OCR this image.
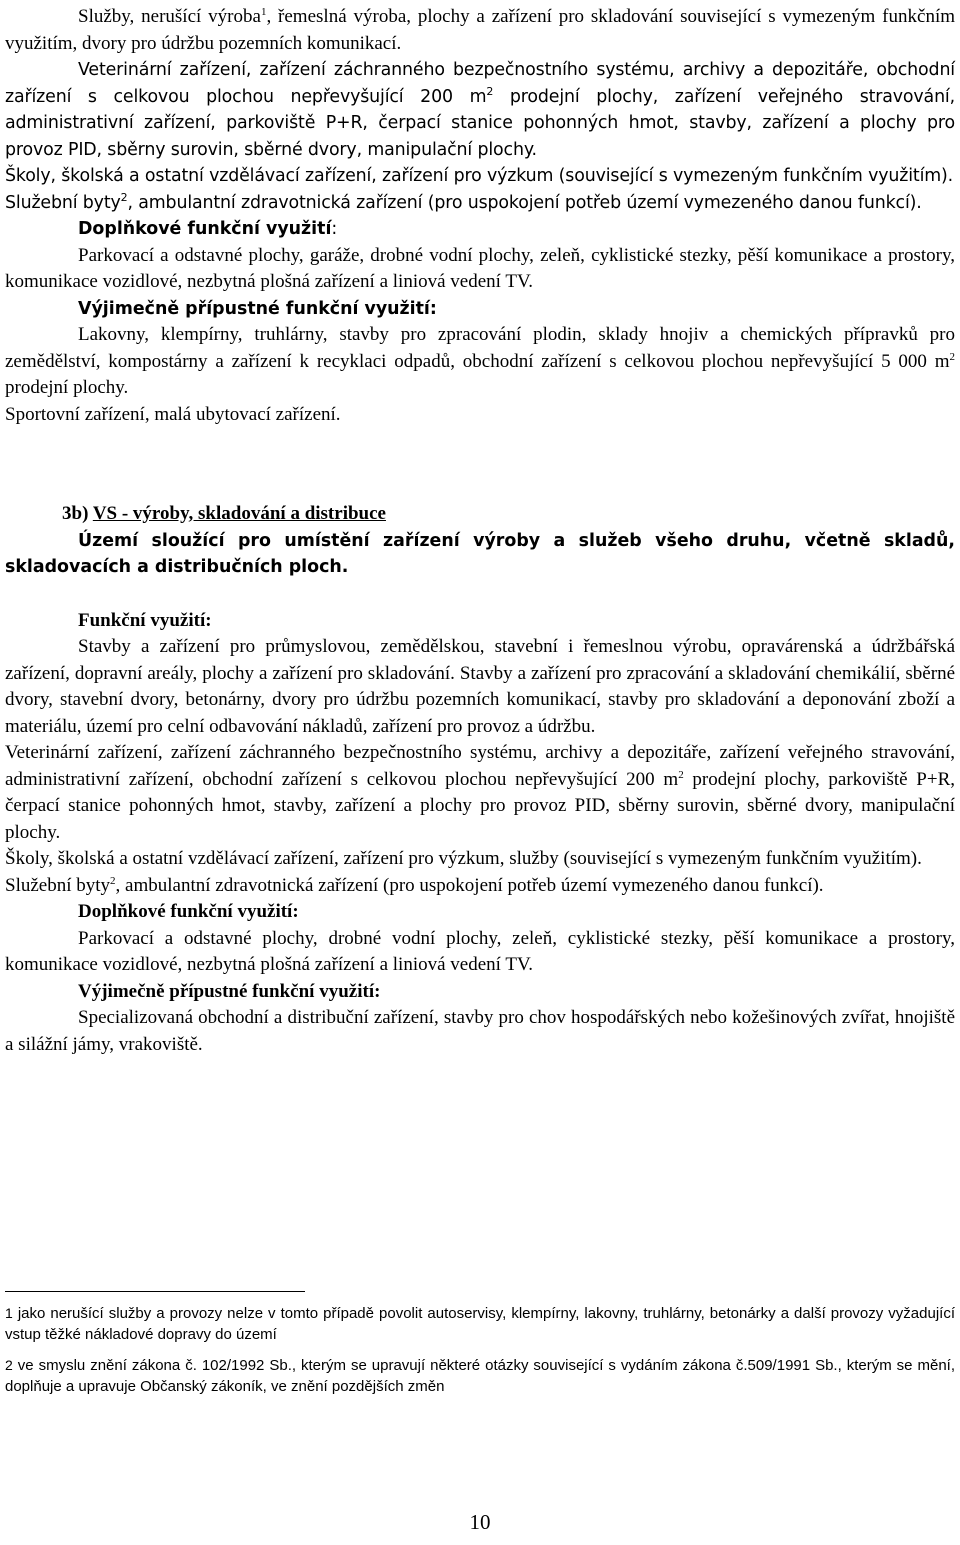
Služby, nerušící výroba$^1$, řemeslná výroba, plochy a zařízení pro skladování související s vymezeným funkčním využitím, dvory pro údržbu pozemních komunikací.

Veterinární zařízení, zařízení záchranného bezpečnostního systému, archivy a depozitáře, obchodní zařízení s celkovou plochou nepřevyšující 200 $m^2$ prodejní plochy, zařízení veřejného stravování, administrativní zařízení, parkoviště P+R, čerpací stanice pohonných hmot, stavby, zařízení a plochy pro provoz PID, sběrny surovin, sběrné dvory, manipulační plochy.

Školy, školská a ostatní vzdělávací zařízení, zařízení pro výzkum (související s vymezeným funkčním využitím).

Služební byty$^2$, ambulantní zdravotnická zařízení (pro uspokojení potřeb území vymezeného danou funkcí).

Doplňkové funkční využití:

Parkovací a odstavné plochy, garáže, drobné vodní plochy, zeleň, cyklistické stezky, pěší komunikace a prostory, komunikace vozidlové, nezbytná plošná zařízení a liniová vedení TV.

Výjimečně přípustné funkční využití:

Lakovny, klempírny, truhlárny, stavby pro zpracování plodin, sklady hnojiv a chemických přípravků pro zemědělství, kompostárny a zařízení k recyklaci odpadů, obchodní zařízení s celkovou plochou nepřevyšující 5 000 $m^2$ prodejní plochy.

Sportovní zařízení, malá ubytovací zařízení.

3b) VS - výroby, skladování a distribuce

Území sloužící pro umístění zařízení výroby a služeb všeho druhu, včetně skladů, skladovacích a distribučních ploch.

Funkční využití:

Stavby a zařízení pro průmyslovou, zemědělskou, stavební i řemeslnou výrobu, opravárenská a údržbářská zařízení, dopravní areály, plochy a zařízení pro skladování. Stavby a zařízení pro zpracování a skladování chemikálií, sběrné dvory, stavební dvory, betonárny, dvory pro údržbu pozemních komunikací, stavby pro skladování a deponování zboží a materiálu, území pro celní odbavování nákladů, zařízení pro provoz a údržbu.

Veterinární zařízení, zařízení záchranného bezpečnostního systému, archivy a depozitáře, zařízení veřejného stravování, administrativní zařízení, obchodní zařízení s celkovou plochou nepřevyšující 200 $m^2$ prodejní plochy, parkoviště P+R, čerpací stanice pohonných hmot, stavby, zařízení a plochy pro provoz PID, sběrny surovin, sběrné dvory, manipulační plochy.

Školy, školská a ostatní vzdělávací zařízení, zařízení pro výzkum, služby (související s vymezeným funkčním využitím).

Služební byty$^2$, ambulantní zdravotnická zařízení (pro uspokojení potřeb území vymezeného danou funkcí).

Doplňkové funkční využití:

Parkovací a odstavné plochy, drobné vodní plochy, zeleň, cyklistické stezky, pěší komunikace a prostory, komunikace vozidlové, nezbytná plošná zařízení a liniová vedení TV.

Výjimečně přípustné funkční využití:

Specializovaná obchodní a distribuční zařízení, stavby pro chov hospodářských nebo kožešinových zvířat, hnojiště a silážní jámy, vrakoviště.

1 jako nerušící služby a provozy nelze v tomto případě povolit autoservisy, klempírny, lakovny, truhlárny, betonárky a další provozy vyžadující vstup těžké nákladové dopravy do území

2 ve smyslu znění zákona č. 102/1992 Sb., kterým se upravují některé otázky související s vydáním zákona č.509/1991 Sb., kterým se mění, doplňuje a upravuje Občanský zákoník, ve znění pozdějších změn

10
